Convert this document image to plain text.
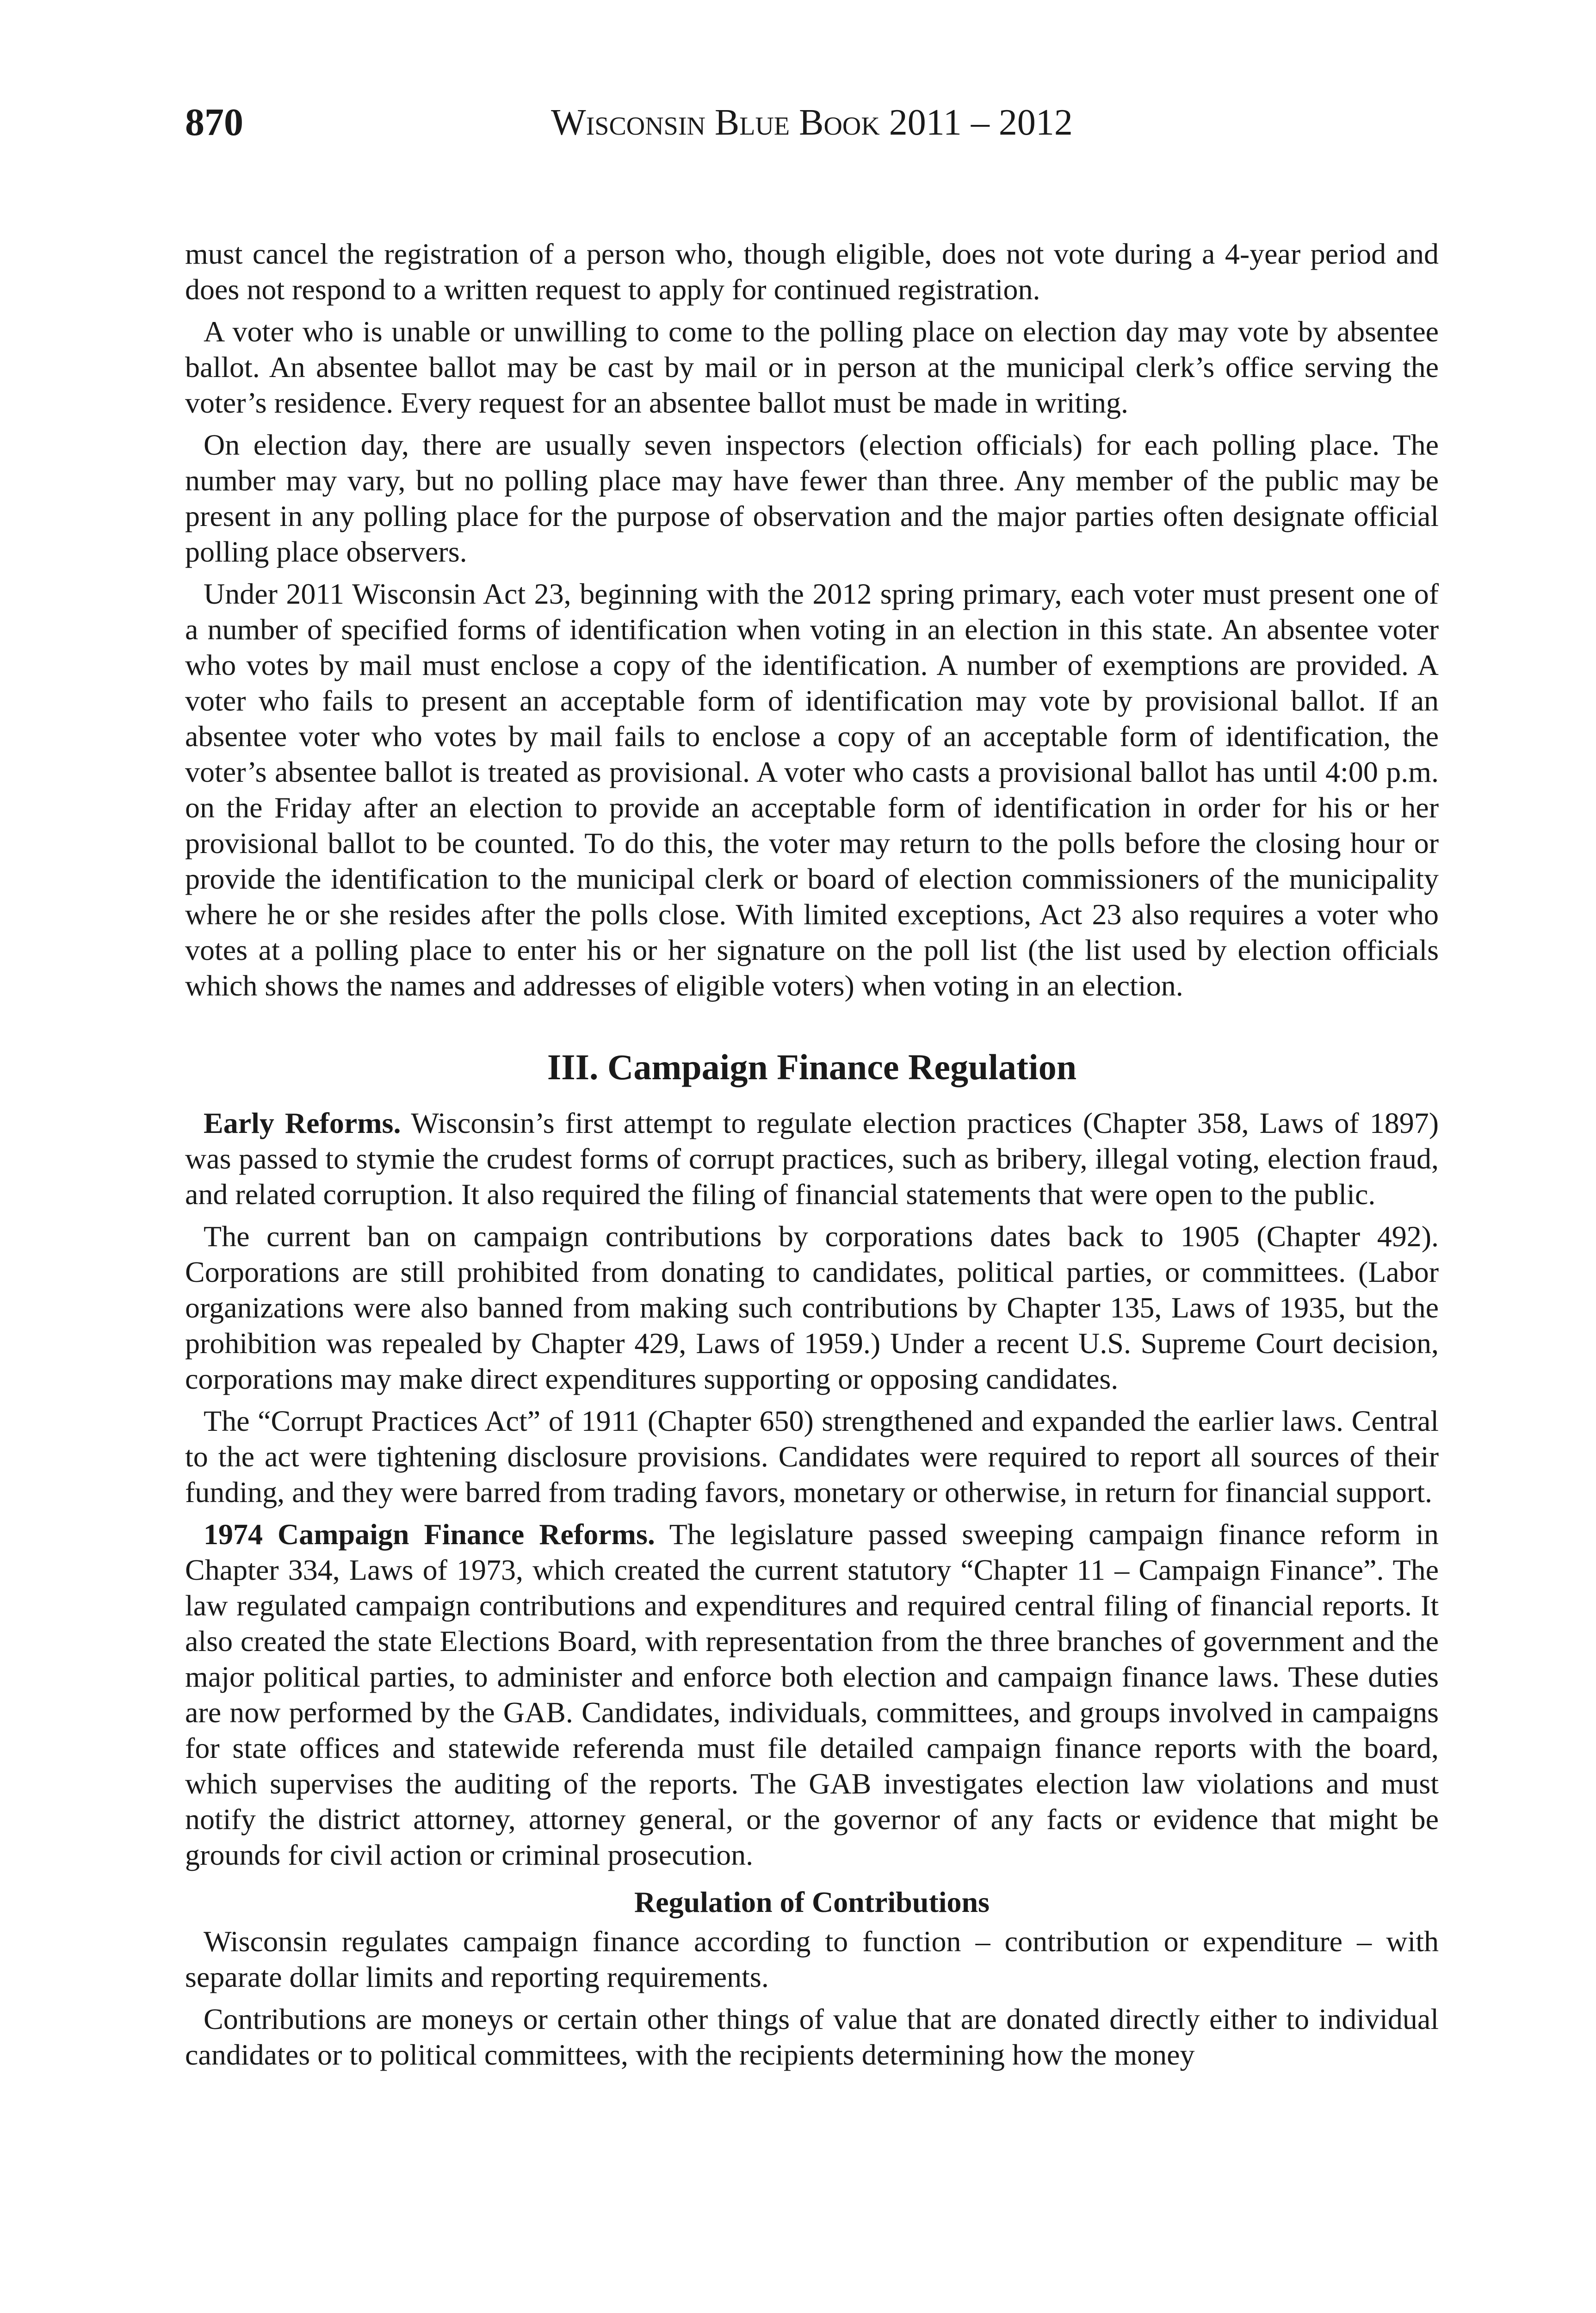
870	Wisconsin Blue Book 2011 – 2012

must cancel the registration of a person who, though eligible, does not vote during a 4-year period and does not respond to a written request to apply for continued registration.

A voter who is unable or unwilling to come to the polling place on election day may vote by absentee ballot. An absentee ballot may be cast by mail or in person at the municipal clerk’s office serving the voter’s residence. Every request for an absentee ballot must be made in writing.

On election day, there are usually seven inspectors (election officials) for each polling place. The number may vary, but no polling place may have fewer than three. Any member of the public may be present in any polling place for the purpose of observation and the major parties often designate official polling place observers.

Under 2011 Wisconsin Act 23, beginning with the 2012 spring primary, each voter must present one of a number of specified forms of identification when voting in an election in this state. An absentee voter who votes by mail must enclose a copy of the identification. A number of exemptions are provided. A voter who fails to present an acceptable form of identification may vote by provisional ballot. If an absentee voter who votes by mail fails to enclose a copy of an acceptable form of identification, the voter’s absentee ballot is treated as provisional. A voter who casts a provisional ballot has until 4:00 p.m. on the Friday after an election to provide an acceptable form of identification in order for his or her provisional ballot to be counted. To do this, the voter may return to the polls before the closing hour or provide the identification to the municipal clerk or board of election commissioners of the municipality where he or she resides after the polls close. With limited exceptions, Act 23 also requires a voter who votes at a polling place to enter his or her signature on the poll list (the list used by election officials which shows the names and addresses of eligible voters) when voting in an election.

III. Campaign Finance Regulation

Early Reforms. Wisconsin’s first attempt to regulate election practices (Chapter 358, Laws of 1897) was passed to stymie the crudest forms of corrupt practices, such as bribery, illegal voting, election fraud, and related corruption. It also required the filing of financial statements that were open to the public.

The current ban on campaign contributions by corporations dates back to 1905 (Chapter 492). Corporations are still prohibited from donating to candidates, political parties, or committees. (Labor organizations were also banned from making such contributions by Chapter 135, Laws of 1935, but the prohibition was repealed by Chapter 429, Laws of 1959.) Under a recent U.S. Supreme Court decision, corporations may make direct expenditures supporting or opposing candidates.

The “Corrupt Practices Act” of 1911 (Chapter 650) strengthened and expanded the earlier laws. Central to the act were tightening disclosure provisions. Candidates were required to report all sources of their funding, and they were barred from trading favors, monetary or otherwise, in return for financial support.

1974 Campaign Finance Reforms. The legislature passed sweeping campaign finance reform in Chapter 334, Laws of 1973, which created the current statutory “Chapter 11 – Campaign Finance”. The law regulated campaign contributions and expenditures and required central filing of financial reports. It also created the state Elections Board, with representation from the three branches of government and the major political parties, to administer and enforce both election and campaign finance laws. These duties are now performed by the GAB. Candidates, individuals, committees, and groups involved in campaigns for state offices and statewide referenda must file detailed campaign finance reports with the board, which supervises the auditing of the reports. The GAB investigates election law violations and must notify the district attorney, attorney general, or the governor of any facts or evidence that might be grounds for civil action or criminal prosecution.

Regulation of Contributions

Wisconsin regulates campaign finance according to function – contribution or expenditure – with separate dollar limits and reporting requirements.

Contributions are moneys or certain other things of value that are donated directly either to individual candidates or to political committees, with the recipients determining how the money
